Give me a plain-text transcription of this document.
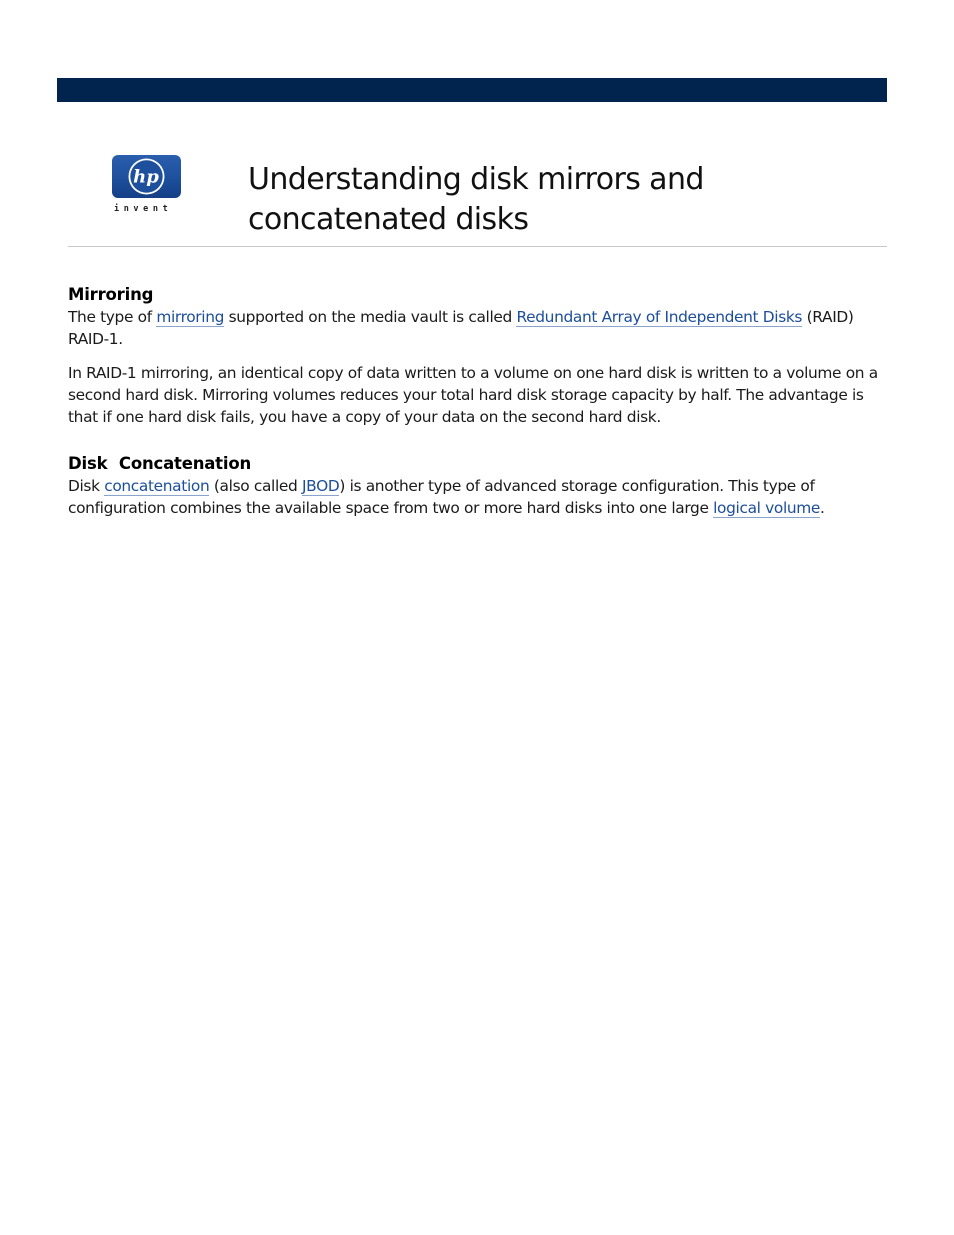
hp
invent
Understanding disk mirrors and concatenated disks
Mirroring

The type of mirroring supported on the media vault is called Redundant Array of Independent Disks (RAID) RAID-1.

In RAID-1 mirroring, an identical copy of data written to a volume on one hard disk is written to a volume on a second hard disk. Mirroring volumes reduces your total hard disk storage capacity by half. The advantage is that if one hard disk fails, you have a copy of your data on the second hard disk.

Disk Concatenation

Disk concatenation (also called JBOD) is another type of advanced storage configuration. This type of configuration combines the available space from two or more hard disks into one large logical volume.
